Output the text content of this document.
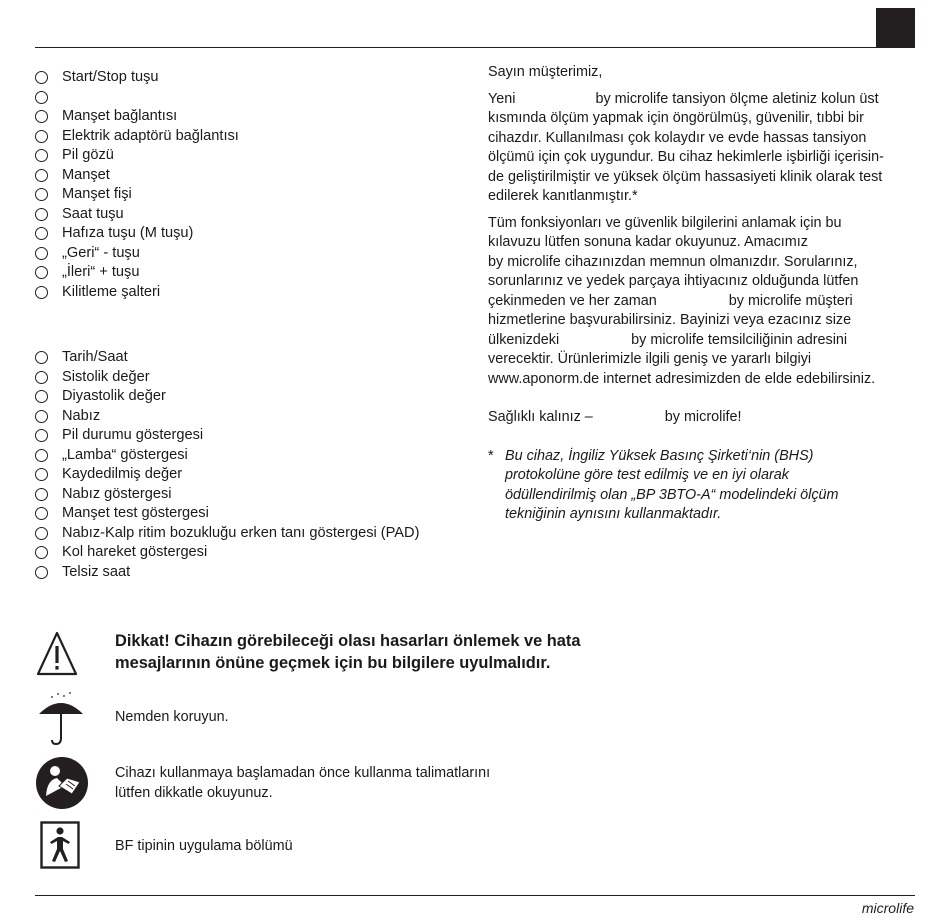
Start/Stop tuşu
Manşet bağlantısı
Elektrik adaptörü bağlantısı
Pil gözü
Manşet
Manşet fişi
Saat tuşu
Hafıza tuşu (M tuşu)
„Geri“ - tuşu
„İleri“ + tuşu
Kilitleme şalteri
Tarih/Saat
Sistolik değer
Diyastolik değer
Nabız
Pil durumu göstergesi
„Lamba“ göstergesi
Kaydedilmiş değer
Nabız göstergesi
Manşet test göstergesi
Nabız-Kalp ritim bozukluğu erken tanı göstergesi (PAD)
Kol hareket göstergesi
Telsiz saat

Sayın müşterimiz,

Yeni                    by microlife tansiyon ölçme aletiniz kolun üst

kısmında ölçüm yapmak için öngörülmüş, güvenilir, tıbbi bir

cihazdır. Kullanılması çok kolaydır ve evde hassas tansiyon

ölçümü için çok uygundur. Bu cihaz hekimlerle işbirliği içerisin-

de geliştirilmiştir ve yüksek ölçüm hassasiyeti klinik olarak test

edilerek kanıtlanmıştır.*

Tüm fonksiyonları ve güvenlik bilgilerini anlamak için bu

kılavuzu lütfen sonuna kadar okuyunuz. Amacımız

by microlife cihazınızdan memnun olmanızdır. Sorularınız,

sorunlarınız ve yedek parçaya ihtiyacınız olduğunda lütfen

çekinmeden ve her zaman                  by microlife müşteri

hizmetlerine başvurabilirsiniz. Bayinizi veya ezacınız size

ülkenizdeki                  by microlife temsilciliğinin adresini

verecektir. Ürünlerimizle ilgili geniş ve yararlı bilgiyi

www.aponorm.de internet adresimizden de elde edebilirsiniz.

Sağlıklı kalınız –                  by microlife!

* Bu cihaz, İngiliz Yüksek Basınç Şirketi‘nin (BHS)

protokolüne göre test edilmiş ve en iyi olarak

ödüllendirilmiş olan „BP 3BTO-A“ modelindeki ölçüm

tekniğinin aynısını kullanmaktadır.

Dikkat! Cihazın görebileceği olası hasarları önlemek ve hata
mesajlarının önüne geçmek için bu bilgilere uyulmalıdır.
Nemden koruyun.
Cihazı kullanmaya başlamadan önce kullanma talimatlarını
lütfen dikkatle okuyunuz.
BF tipinin uygulama bölümü
microlife
